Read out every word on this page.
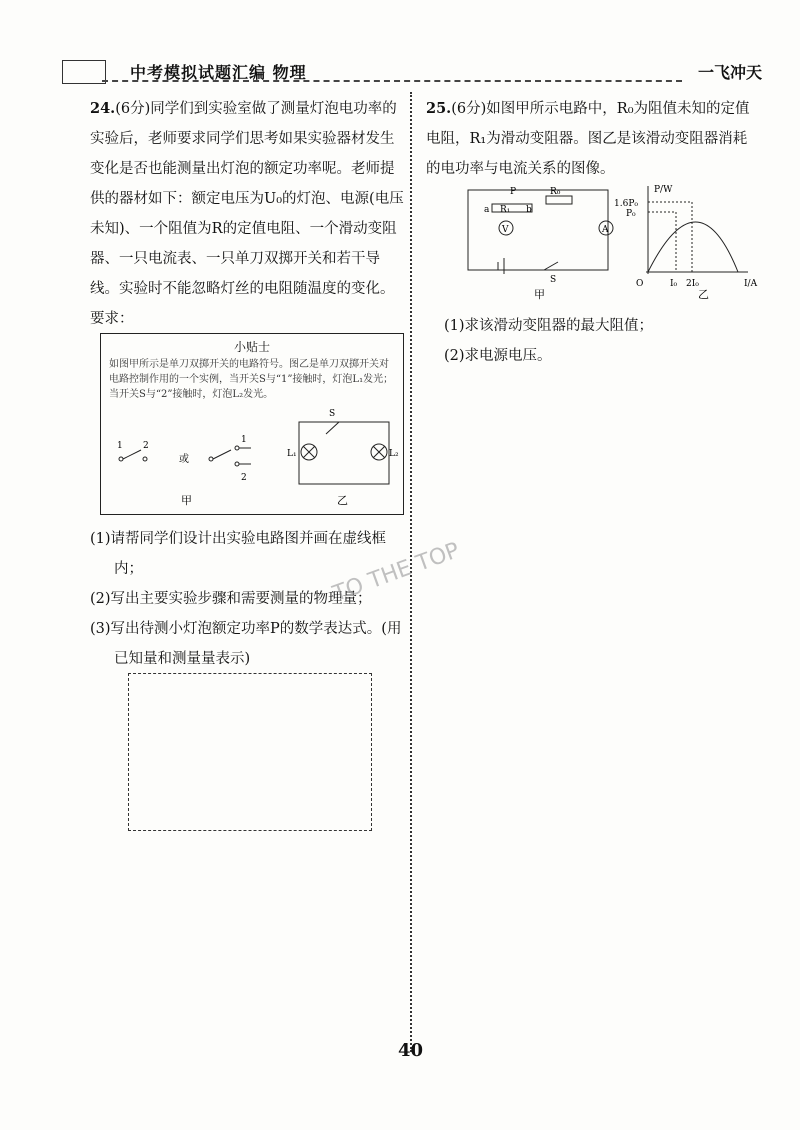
中考模拟试题汇编 物理	一飞冲天

24.(6分)同学们到实验室做了测量灯泡电功率的实验后，老师要求同学们思考如果实验器材发生变化是否也能测量出灯泡的额定功率呢。老师提供的器材如下：额定电压为U₀的灯泡、电源(电压未知)、一个阻值为R的定值电阻、一个滑动变阻器、一只电流表、一只单刀双掷开关和若干导线。实验时不能忽略灯丝的电阻随温度的变化。要求：

小贴士
如图甲所示是单刀双掷开关的电路符号。图乙是单刀双掷开关对电路控制作用的一个实例，当开关S与“1”接触时，灯泡L₁发光；当开关S与“2”接触时，灯泡L₂发光。
1 2
或
1
2
S
L₁	L₂
甲	乙
(1)请帮同学们设计出实验电路图并画在虚线框内；
(2)写出主要实验步骤和需要测量的物理量；
(3)写出待测小灯泡额定功率P的数学表达式。(用已知量和测量量表示)

25.(6分)如图甲所示电路中，R₀为阻值未知的定值电阻，R₁为滑动变阻器。图乙是该滑动变阻器消耗的电功率与电流关系的图像。

P
a R₁ b
R₀
V	A
S
甲
P/W
I/A
1.6P₀
P₀
I₀ 2I₀
O
乙
(1)求该滑动变阻器的最大阻值；
(2)求电源电压。
TO THE TOP
40
